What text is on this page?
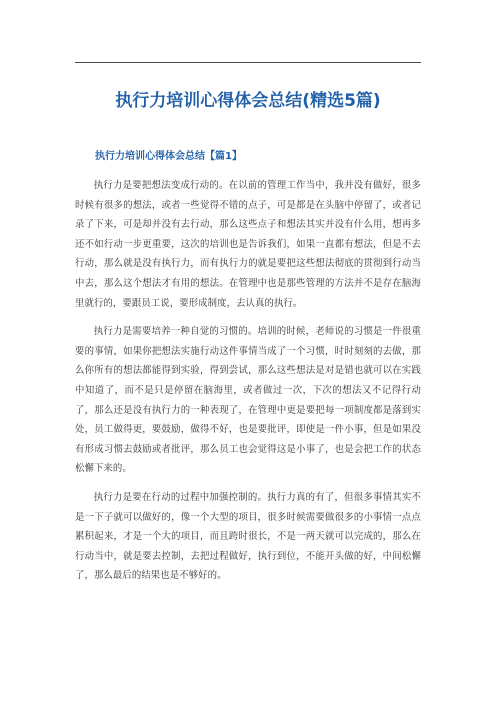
执行力培训心得体会总结(精选5篇)
执行力培训心得体会总结【篇1】

执行力是要把想法变成行动的。在以前的管理工作当中，我并没有做好，很多时候有很多的想法，或者一些觉得不错的点子，可是都是在头脑中停留了，或者记录了下来，可是却并没有去行动，那么这些点子和想法其实并没有什么用，想再多还不如行动一步更重要，这次的培训也是告诉我们，如果一直都有想法，但是不去行动，那么就是没有执行力，而有执行力的就是要把这些想法彻底的贯彻到行动当中去，那么这个想法才有用的想法。在管理中也是那些管理的方法并不是存在脑海里就行的，要跟员工说，要形成制度，去认真的执行。

执行力是需要培养一种自觉的习惯的。培训的时候，老师说的习惯是一件很重要的事情，如果你把想法实施行动这件事情当成了一个习惯，时时刻刻的去做，那么你所有的想法都能得到实验，得到尝试，那么这些想法是对是错也就可以在实践中知道了，而不是只是停留在脑海里，或者做过一次，下次的想法又不记得行动了，那么还是没有执行力的一种表现了，在管理中更是要把每一项制度都是落到实处，员工做得更，要鼓励，做得不好，也是要批评，即使是一件小事，但是如果没有形成习惯去鼓励或者批评，那么员工也会觉得这是小事了，也是会把工作的状态松懈下来的。

执行力是要在行动的过程中加强控制的。执行力真的有了，但很多事情其实不是一下子就可以做好的，像一个大型的项目，很多时候需要做很多的小事情一点点累积起来，才是一个大的项目，而且跨时很长，不是一两天就可以完成的，那么在行动当中，就是要去控制，去把过程做好，执行到位，不能开头做的好，中间松懈了，那么最后的结果也是不够好的。
